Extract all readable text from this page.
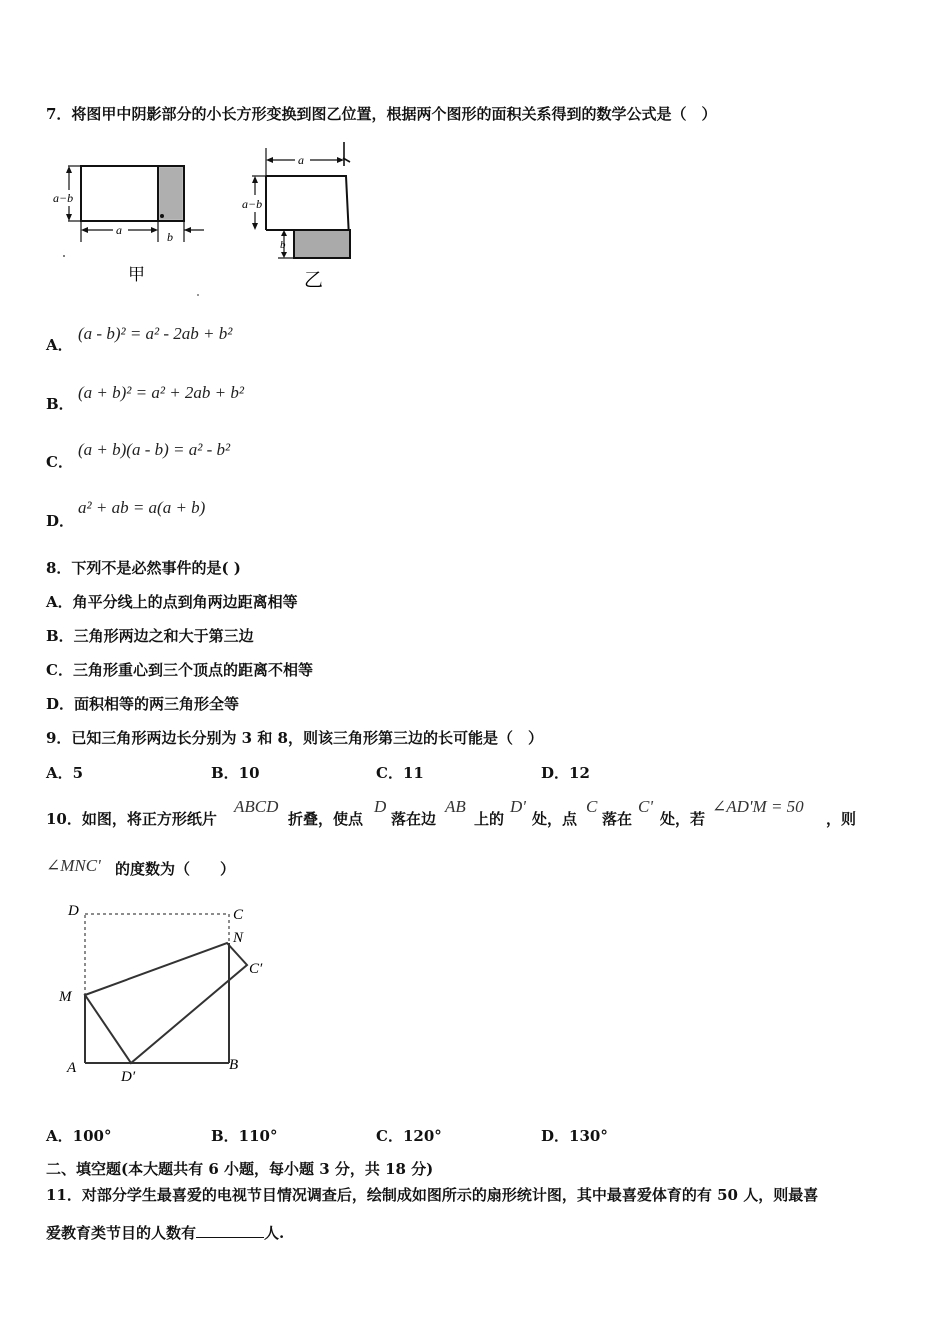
7．将图甲中阴影部分的小长方形变换到图乙位置，根据两个图形的面积关系得到的数学公式是（　）
a−b
a	b
甲
a
a−b
b
乙
A．
(a - b)² = a² - 2ab + b²
B．
(a + b)² = a² + 2ab + b²
C．
(a + b)(a - b) = a² - b²
D．
a² + ab = a(a + b)
8．下列不是必然事件的是( )
A．角平分线上的点到角两边距离相等
B．三角形两边之和大于第三边
C．三角形重心到三个顶点的距离不相等
D．面积相等的两三角形全等
9．已知三角形两边长分别为 3 和 8，则该三角形第三边的长可能是（　）
A．5	B．10	C．11	D．12
10．如图，将正方形纸片
ABCD
折叠，使点
D
落在边
AB
上的
D'
处，点
C
落在
C'
处，若
∠AD'M = 50
，则
∠MNC' 的度数为（　　）
D	C
N
C′
M
A
D′
B
A．100°	B．110°	C．120°	D．130°
二、填空题(本大题共有 6 小题，每小题 3 分，共 18 分)
11．对部分学生最喜爱的电视节目情况调查后，绘制成如图所示的扇形统计图，其中最喜爱体育的有 50 人，则最喜
爱教育类节目的人数有	人.
